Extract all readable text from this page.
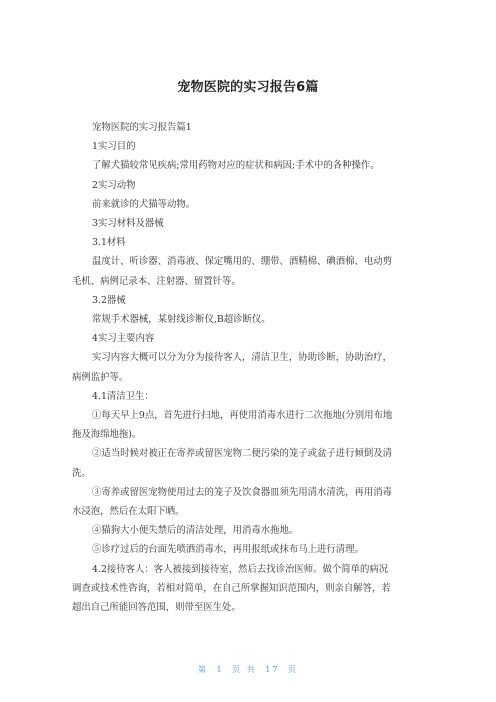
宠物医院的实习报告6篇
宠物医院的实习报告篇1
1实习目的
了解犬猫较常见疾病;常用药物对应的症状和病因;手术中的各种操作。
2实习动物
前来就诊的犬猫等动物。
3实习材料及器械
3.1材料
温度计、听诊器、消毒液、保定嘴用的、绷带、酒精棉、碘酒棉、电动剪
毛机、病例记录本、注射器、留置针等。
3.2器械
常规手术器械，某射线诊断仪,B超诊断仪。
4实习主要内容
实习内容大概可以分为分为接待客人，清洁卫生，协助诊断，协助治疗，
病例监护等。
4.1清洁卫生：
①每天早上9点，首先进行扫地，再使用消毒水进行二次拖地(分别用布地
拖及海绵地拖)。
②适当时候对被正在寄养或留医宠物二便污染的笼子或盆子进行倾倒及清
洗。
③寄养或留医宠物使用过去的笼子及饮食器皿须先用清水清洗，再用消毒
水浸泡，然后在太阳下晒。
④猫狗大小便失禁后的清洁处理，用消毒水拖地。
⑤诊疗过后的台面先喷洒消毒水，再用报纸或抹布马上进行清理。
4.2接待客人：客人被接到接待室，然后去找诊治医师。做个简单的病况
调查或技术性咨询，若相对简单，在自己所掌握知识范围内，则亲自解答，若
超出自己所能回答范围，则带至医生处。
第 1 页 共 17 页
